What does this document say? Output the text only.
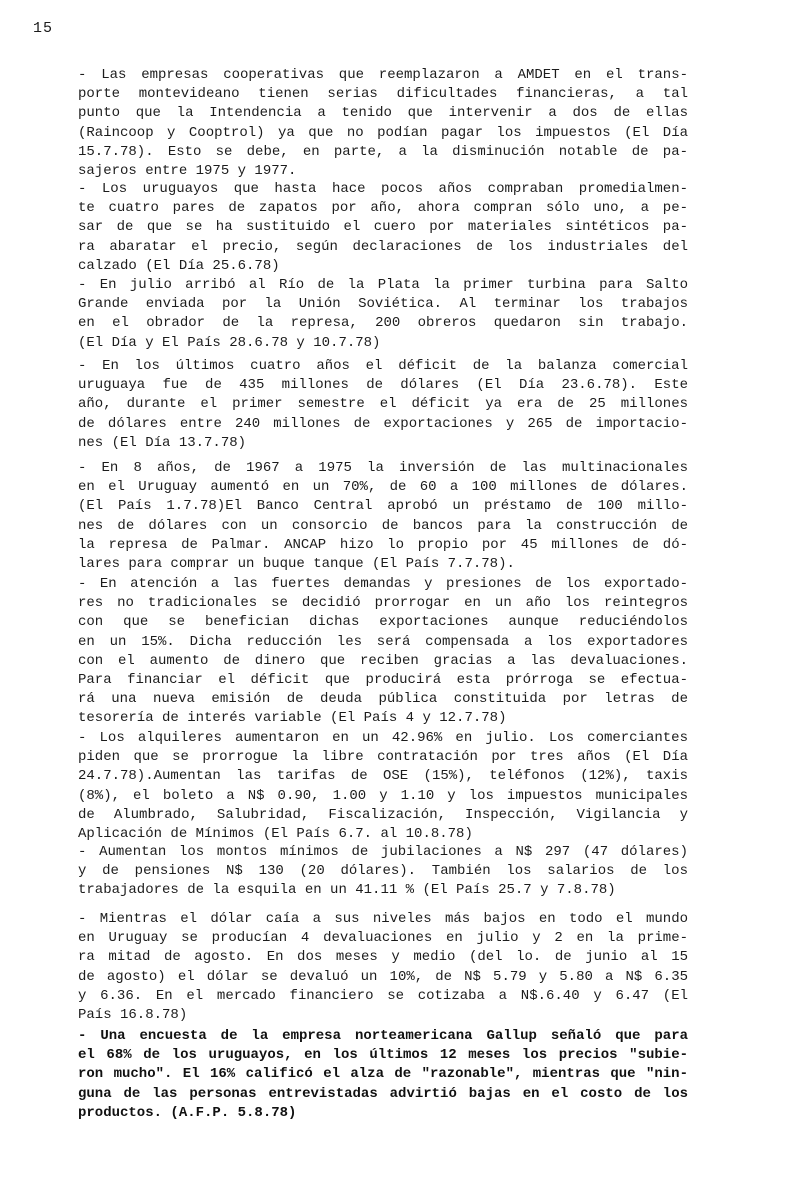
15
- Las empresas cooperativas que reemplazaron a AMDET en el trans-
porte montevideano tienen serias dificultades financieras, a tal
punto que la Intendencia a tenido que intervenir a dos de ellas
(Raincoop y Cooptrol) ya que no podían pagar los impuestos (El Día
15.7.78). Esto se debe, en parte, a la disminución notable de pa-
sajeros entre 1975 y 1977.
- Los uruguayos que hasta hace pocos años compraban promedialmen-
te cuatro pares de zapatos por año, ahora compran sólo uno, a pe-
sar de que se ha sustituido el cuero por materiales sintéticos pa-
ra abaratar el precio, según declaraciones de los industriales del
calzado (El Día 25.6.78)
- En julio arribó al Río de la Plata la primer turbina para Salto
Grande enviada por la Unión Soviética. Al terminar los trabajos
en el obrador de la represa, 200 obreros quedaron sin trabajo.
(El Día y El País 28.6.78 y 10.7.78)
- En los últimos cuatro años el déficit de la balanza comercial
uruguaya fue de 435 millones de dólares (El Día 23.6.78). Este
año, durante el primer semestre el déficit ya era de 25 millones
de dólares entre 240 millones de exportaciones y 265 de importacio-
nes (El Día 13.7.78)
- En 8 años, de 1967 a 1975 la inversión de las multinacionales
en el Uruguay aumentó en un 70%, de 60 a 100 millones de dólares.
(El País 1.7.78)El Banco Central aprobó un préstamo de 100 millo-
nes de dólares con un consorcio de bancos para la construcción de
la represa de Palmar. ANCAP hizo lo propio por 45 millones de dó-
lares para comprar un buque tanque (El País 7.7.78).
- En atención a las fuertes demandas y presiones de los exportado-
res no tradicionales se decidió prorrogar en un año los reintegros
con que se benefician dichas exportaciones aunque reduciéndolos
en un 15%. Dicha reducción les será compensada a los exportadores
con el aumento de dinero que reciben gracias a las devaluaciones.
Para financiar el déficit que producirá esta prórroga se efectua-
rá una nueva emisión de deuda pública constituida por letras de
tesorería de interés variable (El País 4 y 12.7.78)
- Los alquileres aumentaron en un 42.96% en julio. Los comerciantes
piden que se prorrogue la libre contratación por tres años (El Día
24.7.78).Aumentan las tarifas de OSE (15%), teléfonos (12%), taxis
(8%), el boleto a N$ 0.90, 1.00 y 1.10 y los impuestos municipales
de Alumbrado, Salubridad, Fiscalización, Inspección, Vigilancia y
Aplicación de Mínimos (El País 6.7. al 10.8.78)
- Aumentan los montos mínimos de jubilaciones a N$ 297 (47 dólares)
y de pensiones N$ 130 (20 dólares). También los salarios de los
trabajadores de la esquila en un 41.11 % (El País 25.7 y 7.8.78)
- Mientras el dólar caía a sus niveles más bajos en todo el mundo
en Uruguay se producían 4 devaluaciones en julio y 2 en la prime-
ra mitad de agosto. En dos meses y medio (del lo. de junio al 15
de agosto) el dólar se devaluó un 10%, de N$ 5.79 y 5.80 a N$ 6.35
y 6.36. En el mercado financiero se cotizaba a N$.6.40 y 6.47 (El
País 16.8.78)
- Una encuesta de la empresa norteamericana Gallup señaló que para
el 68% de los uruguayos, en los últimos 12 meses los precios "subie-
ron mucho". El 16% calificó el alza de "razonable", mientras que "nin-
guna de las personas entrevistadas advirtió bajas en el costo de los
productos. (A.F.P. 5.8.78)
